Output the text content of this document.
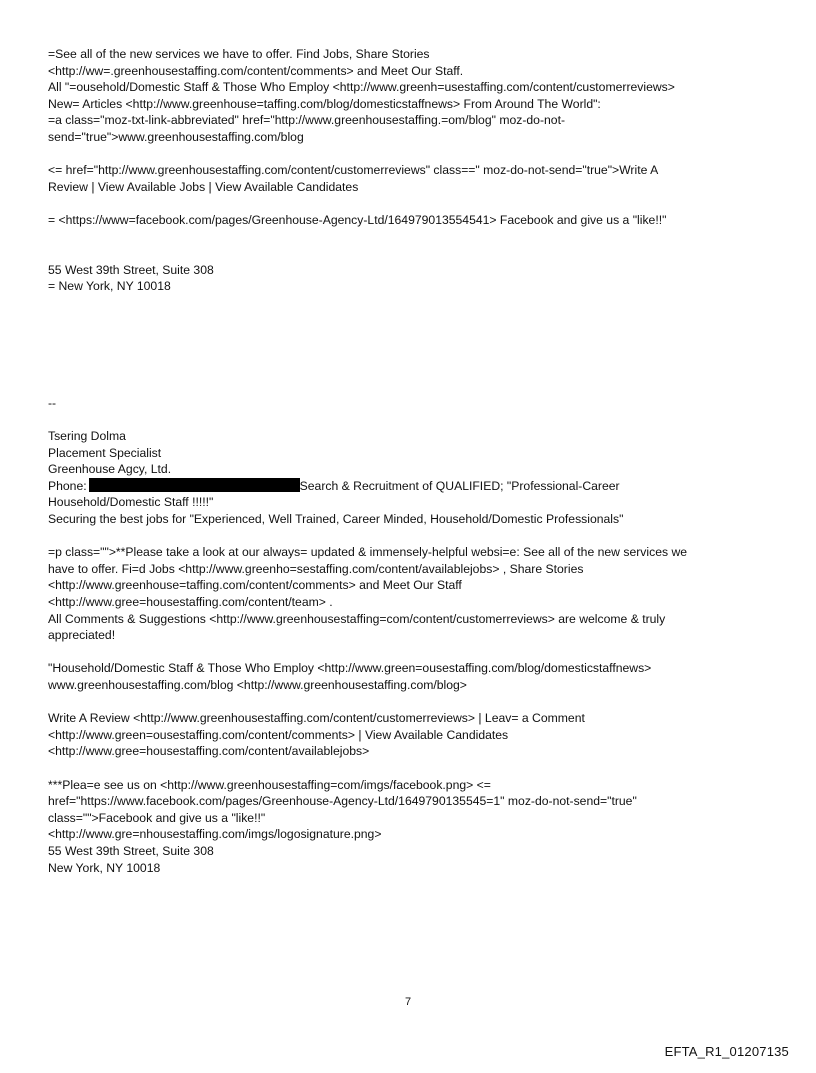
=See all of the new services we have to offer. Find Jobs, Share Stories
<http://ww=.greenhousestaffing.com/content/comments> and Meet Our Staff.
All "=ousehold/Domestic Staff & Those Who Employ <http://www.greenh=usestaffing.com/content/customerreviews>
New= Articles <http://www.greenhouse=taffing.com/blog/domesticstaffnews> From Around The World":
=a class="moz-txt-link-abbreviated" href="http://www.greenhousestaffing.=om/blog" moz-do-not-
send="true">www.greenhousestaffing.com/blog
<= href="http://www.greenhousestaffing.com/content/customerreviews" class==" moz-do-not-send="true">Write A
Review | View Available Jobs | View Available Candidates
= <https://www=facebook.com/pages/Greenhouse-Agency-Ltd/164979013554541> Facebook and give us a "like!!"
55 West 39th Street, Suite 308
= New York, NY 10018
--
Tsering Dolma
Placement Specialist
Greenhouse Agcy, Ltd.
Phone:	Search & Recruitment of QUALIFIED; "Professional-Career
Household/Domestic Staff !!!!!"
Securing the best jobs for "Experienced, Well Trained, Career Minded, Household/Domestic Professionals"
=p class="">**Please take a look at our always= updated & immensely-helpful websi=e: See all of the new services we
have to offer. Fi=d Jobs <http://www.greenho=sestaffing.com/content/availablejobs> , Share Stories
<http://www.greenhouse=taffing.com/content/comments> and Meet Our Staff
<http://www.gree=housestaffing.com/content/team> .
All Comments & Suggestions <http://www.greenhousestaffing=com/content/customerreviews> are welcome & truly
appreciated!
"Household/Domestic Staff & Those Who Employ <http://www.green=ousestaffing.com/blog/domesticstaffnews>
www.greenhousestaffing.com/blog <http://www.greenhousestaffing.com/blog>
Write A Review <http://www.greenhousestaffing.com/content/customerreviews> | Leav= a Comment
<http://www.green=ousestaffing.com/content/comments> | View Available Candidates
<http://www.gree=housestaffing.com/content/availablejobs>
***Plea=e see us on <http://www.greenhousestaffing=com/imgs/facebook.png> <=
href="https://www.facebook.com/pages/Greenhouse-Agency-Ltd/1649790135545=1" moz-do-not-send="true"
class="">Facebook and give us a "like!!"
<http://www.gre=nhousestaffing.com/imgs/logosignature.png>
55 West 39th Street, Suite 308
New York, NY 10018
7
EFTA_R1_01207135
